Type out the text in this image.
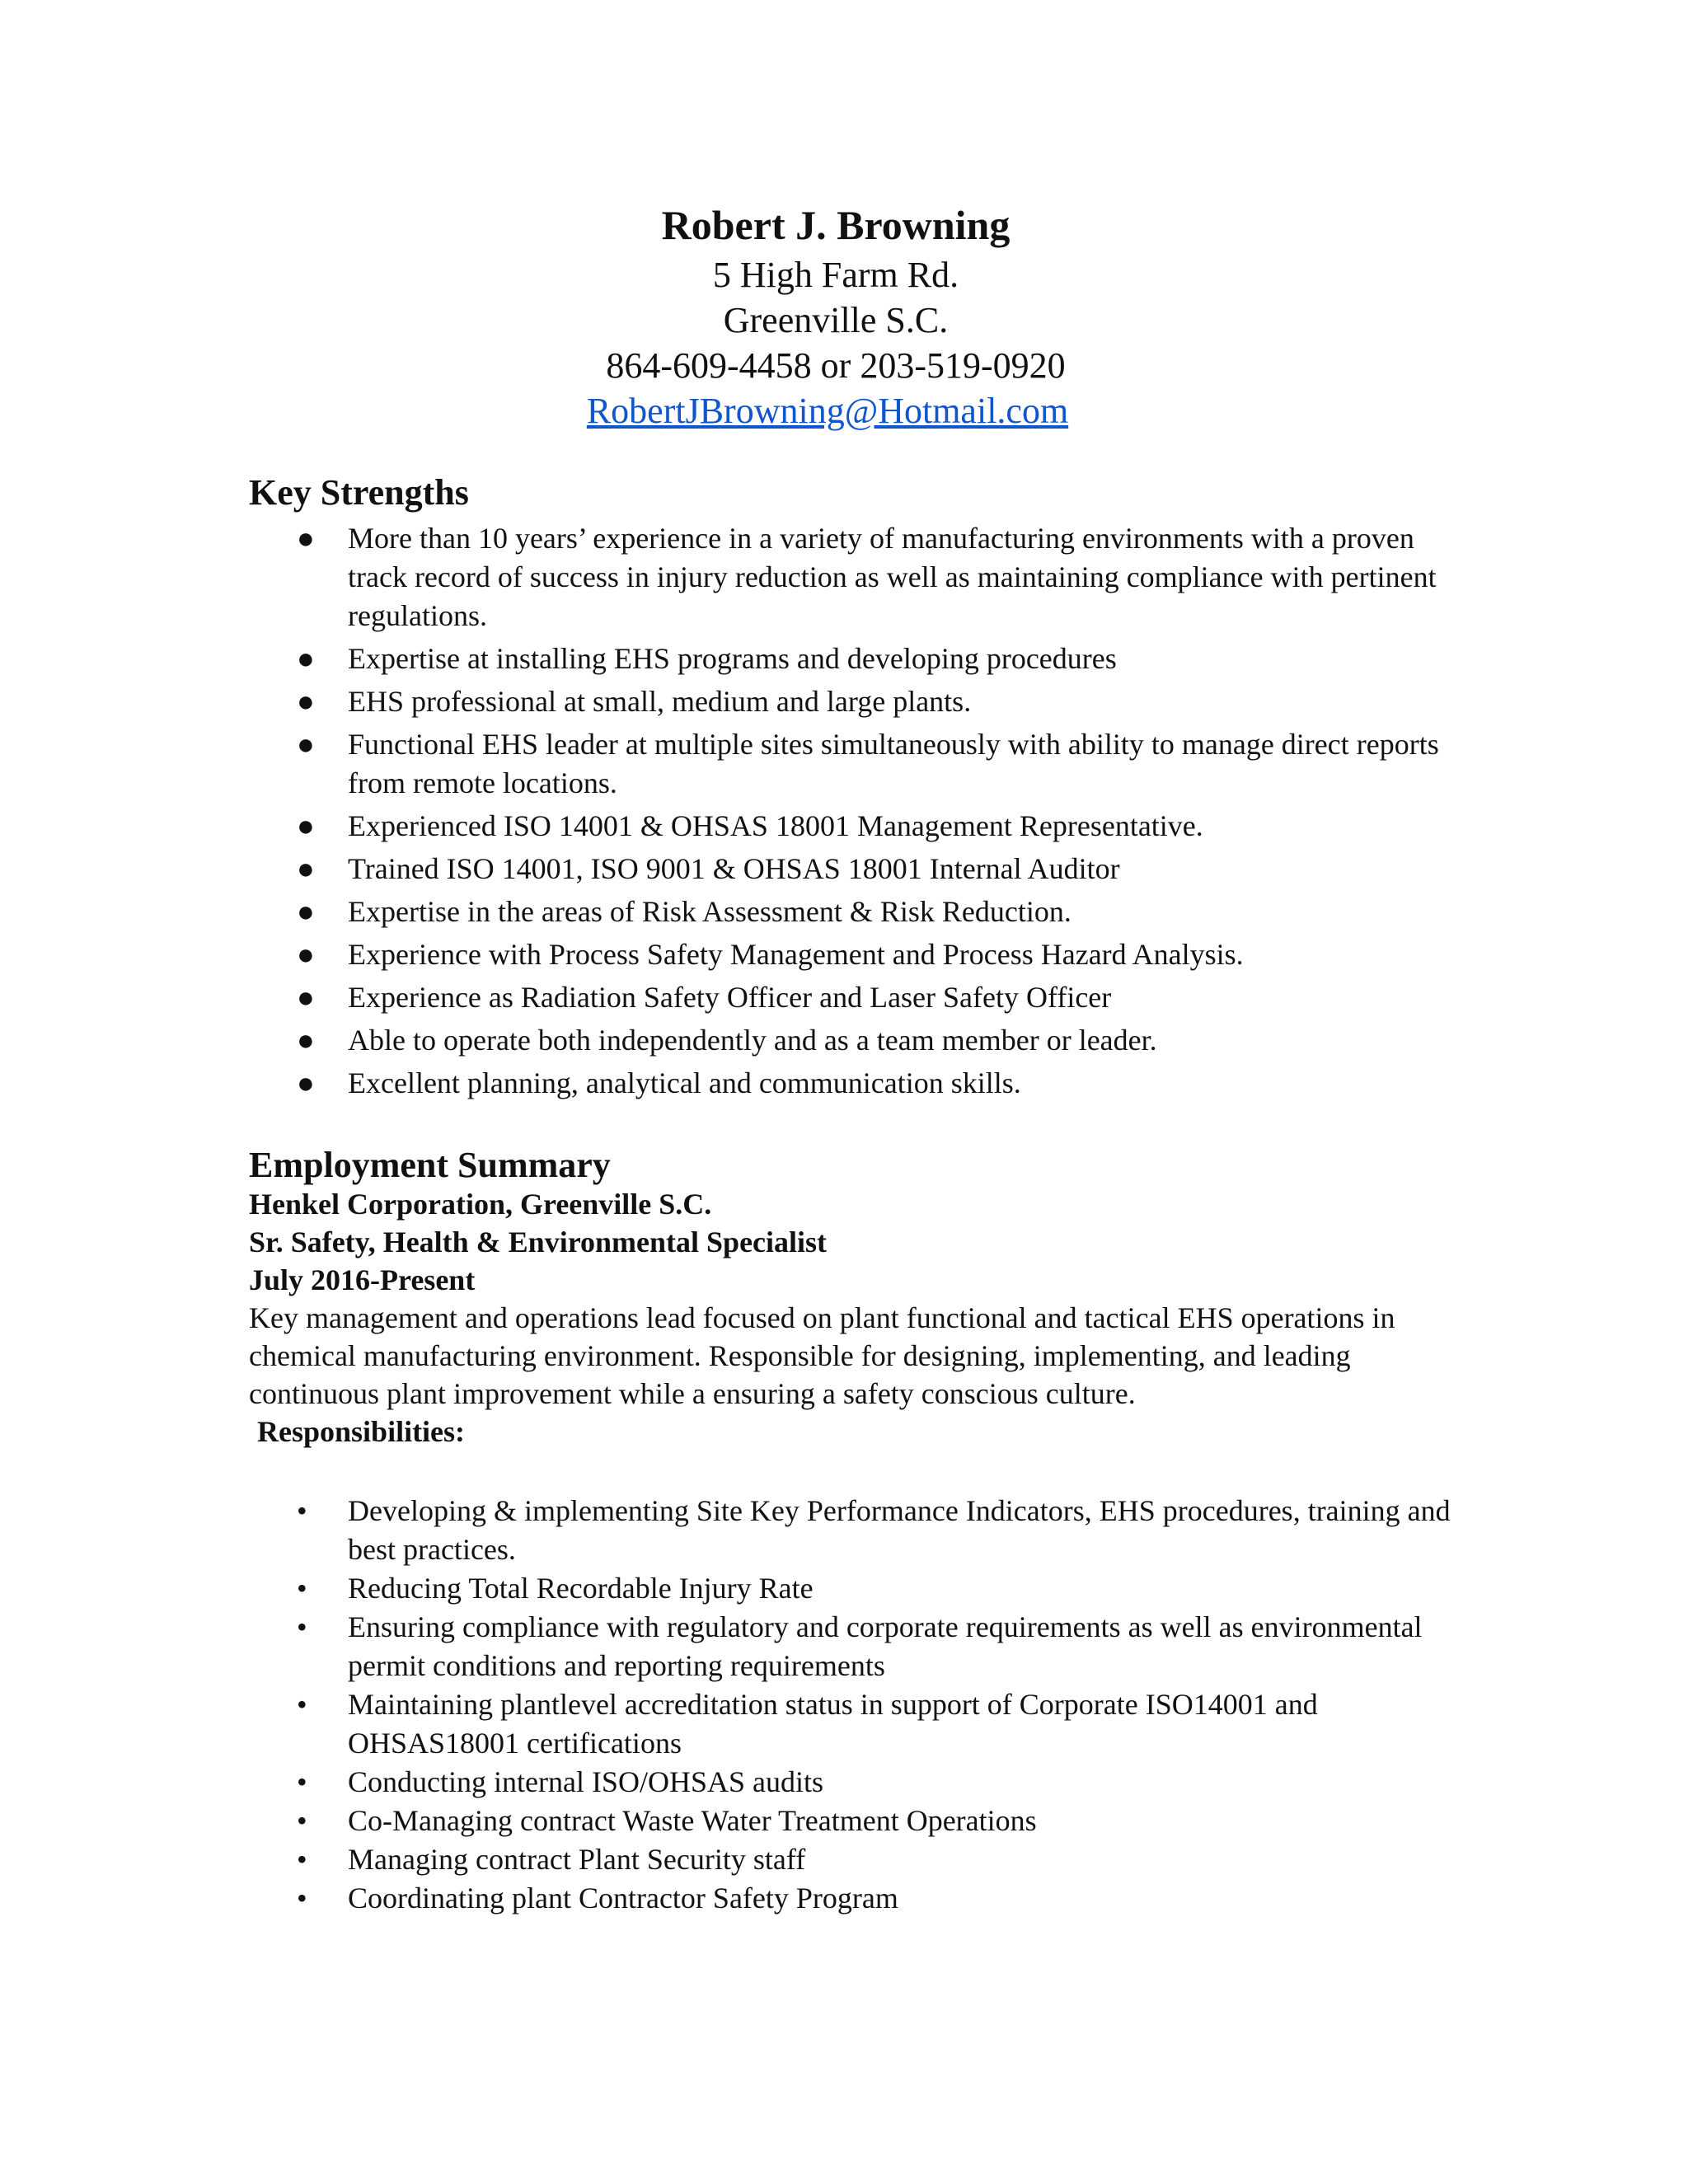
Robert J. Browning

5 High Farm Rd.

Greenville S.C.

864-609-4458 or 203-519-0920

RobertJBrowning@Hotmail.com

Key Strengths
● More than 10 years’ experience in a variety of manufacturing environments with a proven track record of success in injury reduction as well as maintaining compliance with pertinent regulations.
● Expertise at installing EHS programs and developing procedures
● EHS professional at small, medium and large plants.
● Functional EHS leader at multiple sites simultaneously with ability to manage direct reports from remote locations.
● Experienced ISO 14001 & OHSAS 18001 Management Representative.
● Trained ISO 14001, ISO 9001 & OHSAS 18001 Internal Auditor
● Expertise in the areas of Risk Assessment & Risk Reduction.
● Experience with Process Safety Management and Process Hazard Analysis.
● Experience as Radiation Safety Officer and Laser Safety Officer
● Able to operate both independently and as a team member or leader.
● Excellent planning, analytical and communication skills.
Employment Summary

Henkel Corporation, Greenville S.C.

Sr. Safety, Health & Environmental Specialist

July 2016-Present

Key management and operations lead focused on plant functional and tactical EHS operations in chemical manufacturing environment. Responsible for designing, implementing, and leading continuous plant improvement while a ensuring a safety conscious culture.

Responsibilities:

• Developing & implementing Site Key Performance Indicators, EHS procedures, training and best practices.
• Reducing Total Recordable Injury Rate
• Ensuring compliance with regulatory and corporate requirements as well as environmental permit conditions and reporting requirements
• Maintaining plantlevel accreditation status in support of Corporate ISO14001 and OHSAS18001 certifications
• Conducting internal ISO/OHSAS audits
• Co-Managing contract Waste Water Treatment Operations
• Managing contract Plant Security staff
• Coordinating plant Contractor Safety Program
